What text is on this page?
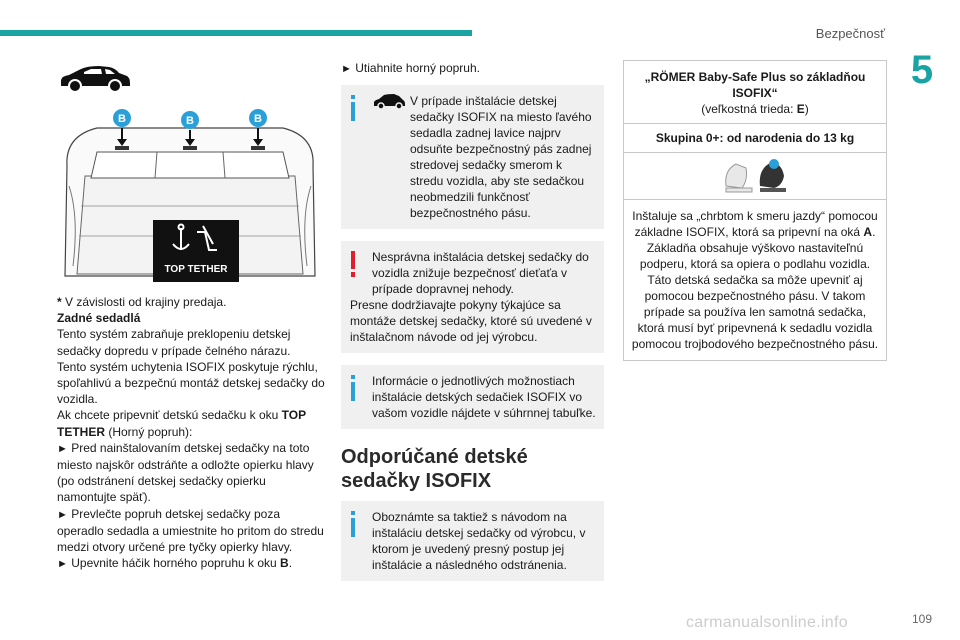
Bezpečnosť
5
B	B	B
TOP TETHER

* V závislosti od krajiny predaja.

Zadné sedadlá

Tento systém zabraňuje preklopeniu detskej sedačky dopredu v prípade čelného nárazu.

Tento systém uchytenia ISOFIX poskytuje rýchlu, spoľahlivú a bezpečnú montáž detskej sedačky do vozidla.

Ak chcete pripevniť detskú sedačku k oku TOP TETHER (Horný popruh):

► Pred nainštalovaním detskej sedačky na toto miesto najskôr odstráňte a odložte opierku hlavy (po odstránení detskej sedačky opierku namontujte späť).

► Prevlečte popruh detskej sedačky poza operadlo sedadla a umiestnite ho pritom do stredu medzi otvory určené pre tyčky opierky hlavy.

► Upevnite háčik horného popruhu k oku B.

► Utiahnite horný popruh.

V prípade inštalácie detskej sedačky ISOFIX na miesto ľavého sedadla zadnej lavice najprv odsuňte bezpečnostný pás zadnej stredovej sedačky smerom k stredu vozidla, aby ste sedačkou neobmedzili funkčnosť bezpečnostného pásu.
Nesprávna inštalácia detskej sedačky do vozidla znižuje bezpečnosť dieťaťa v prípade dopravnej nehody.
Presne dodržiavajte pokyny týkajúce sa montáže detskej sedačky, ktoré sú uvedené v inštalačnom návode od jej výrobcu.
Informácie o jednotlivých možnostiach inštalácie detských sedačiek ISOFIX vo vašom vozidle nájdete v súhrnnej tabuľke.
Odporúčané detské sedačky ISOFIX
Oboznámte sa taktiež s návodom na inštaláciu detskej sedačky od výrobcu, v ktorom je uvedený presný postup jej inštalácie a následného odstránenia.
„RÖMER Baby-Safe Plus so základňou ISOFIX“
(veľkostná trieda: E)
Skupina 0+: od narodenia do 13 kg
Inštaluje sa „chrbtom k smeru jazdy“ pomocou základne ISOFIX, ktorá sa pripevní na oká A.
Základňa obsahuje výškovo nastaviteľnú podperu, ktorá sa opiera o podlahu vozidla.
Táto detská sedačka sa môže upevniť aj pomocou bezpečnostného pásu. V takom prípade sa používa len samotná sedačka, ktorá musí byť pripevnená k sedadlu vozidla pomocou trojbodového bezpečnostného pásu.
109
carmanualsonline.info
